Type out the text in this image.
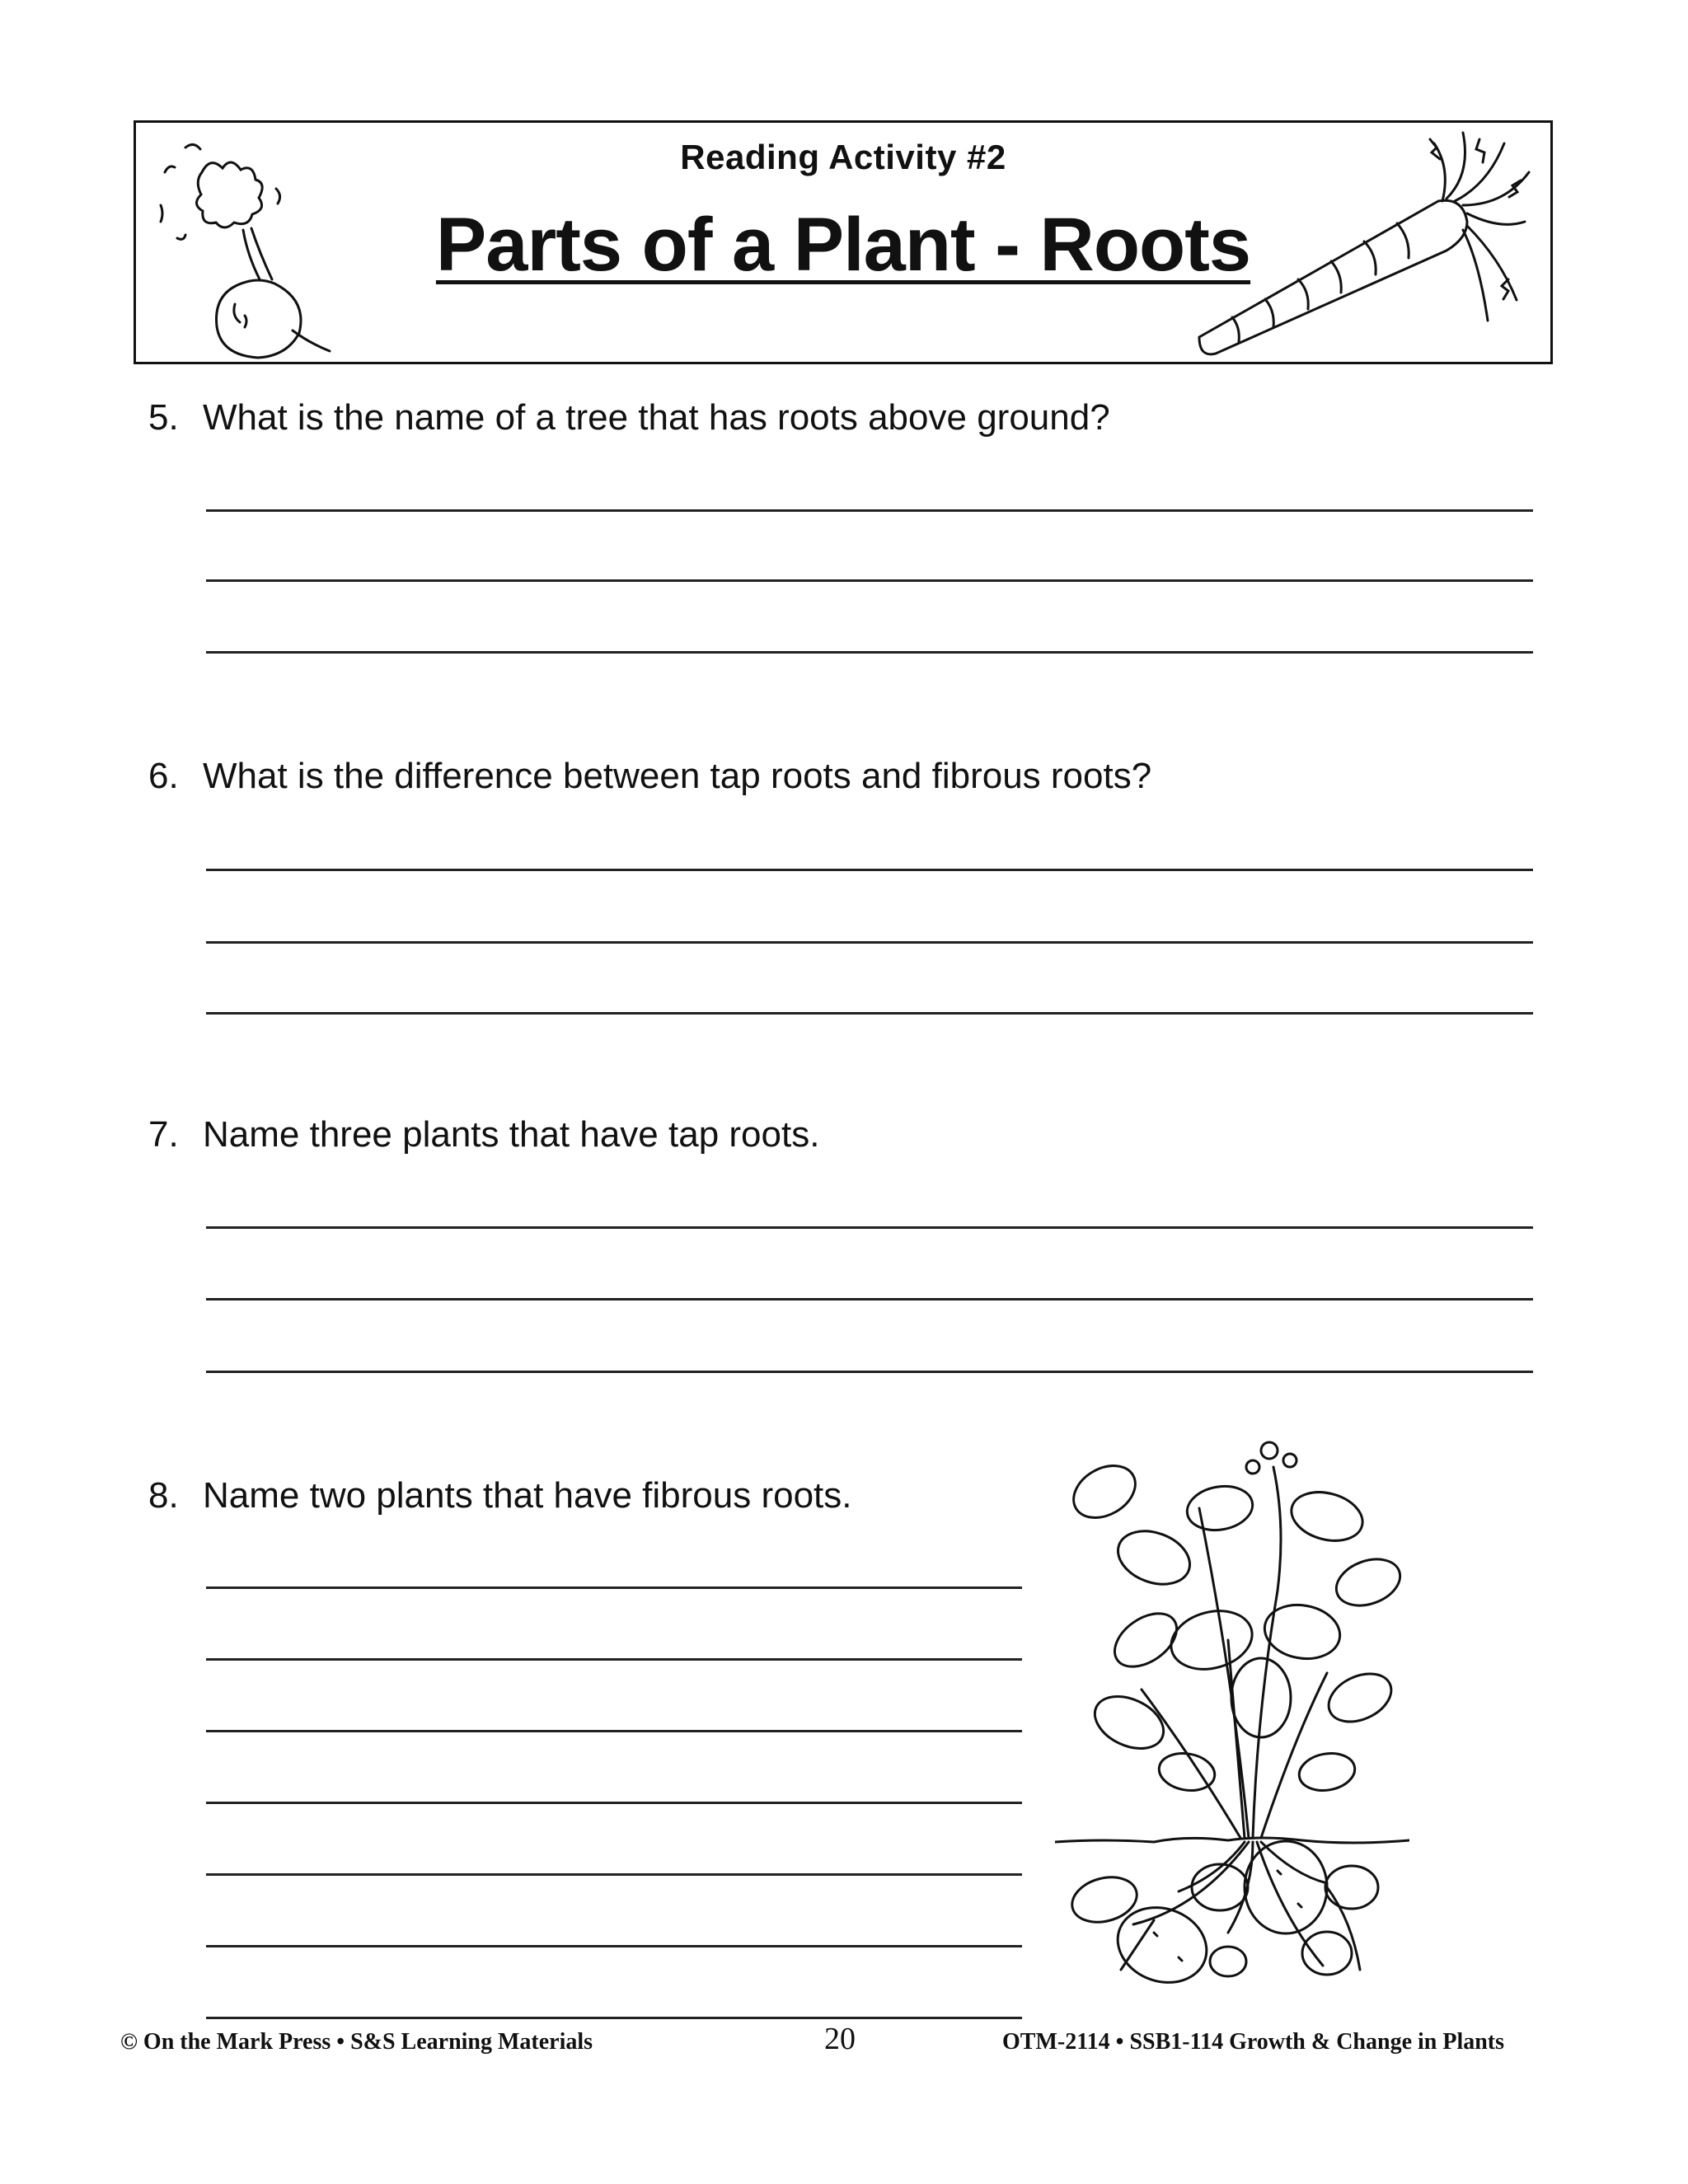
Reading Activity #2
Parts of a Plant - Roots
5. What is the name of a tree that has roots above ground?
6. What is the difference between tap roots and fibrous roots?
7. Name three plants that have tap roots.
8. Name two plants that have fibrous roots.
© On the Mark Press • S&S Learning Materials	20	OTM-2114 • SSB1-114 Growth & Change in Plants
